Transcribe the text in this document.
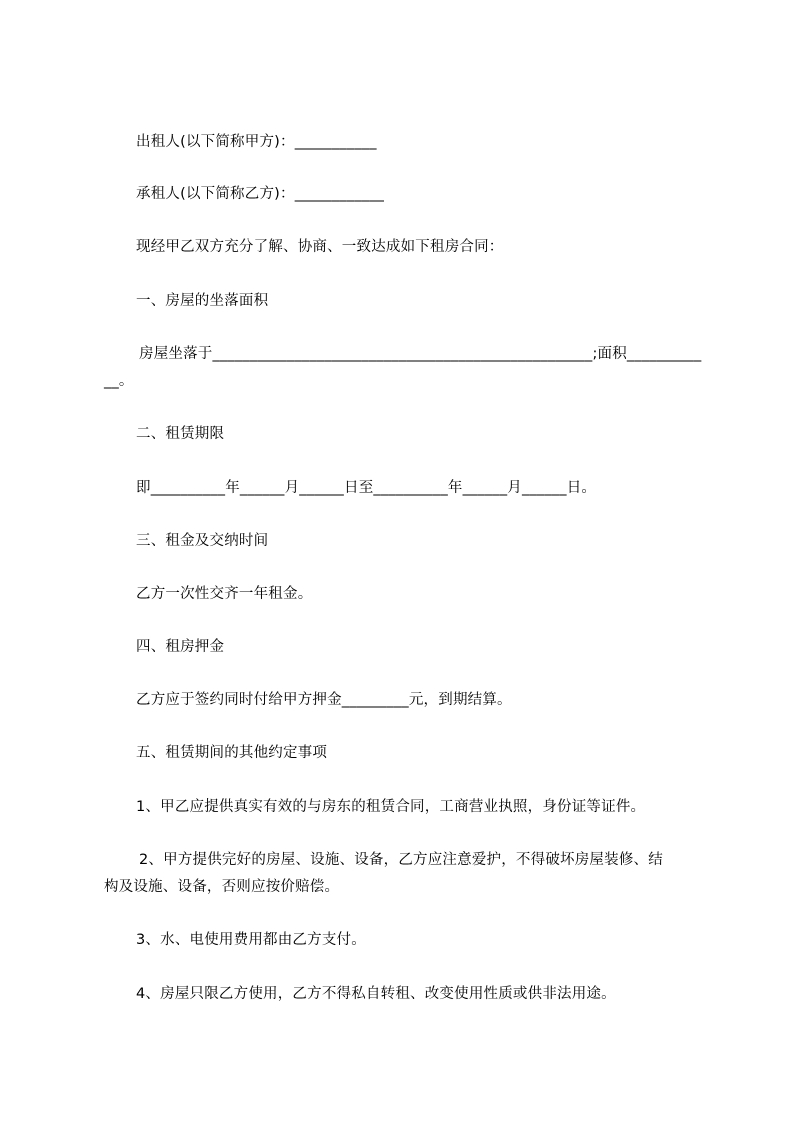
出租人(以下简称甲方)：___________
承租人(以下简称乙方)：____________
现经甲乙双方充分了解、协商、一致达成如下租房合同：
一、房屋的坐落面积
房屋坐落于___________________________________________________;面积__________
__。
二、租赁期限
即__________年______月______日至__________年______月______日。
三、租金及交纳时间
乙方一次性交齐一年租金。
四、租房押金
乙方应于签约同时付给甲方押金_________元，到期结算。
五、租赁期间的其他约定事项
1、甲乙应提供真实有效的与房东的租赁合同，工商营业执照，身份证等证件。
2、甲方提供完好的房屋、设施、设备，乙方应注意爱护，不得破坏房屋装修、结
构及设施、设备，否则应按价赔偿。
3、水、电使用费用都由乙方支付。
4、房屋只限乙方使用，乙方不得私自转租、改变使用性质或供非法用途。
